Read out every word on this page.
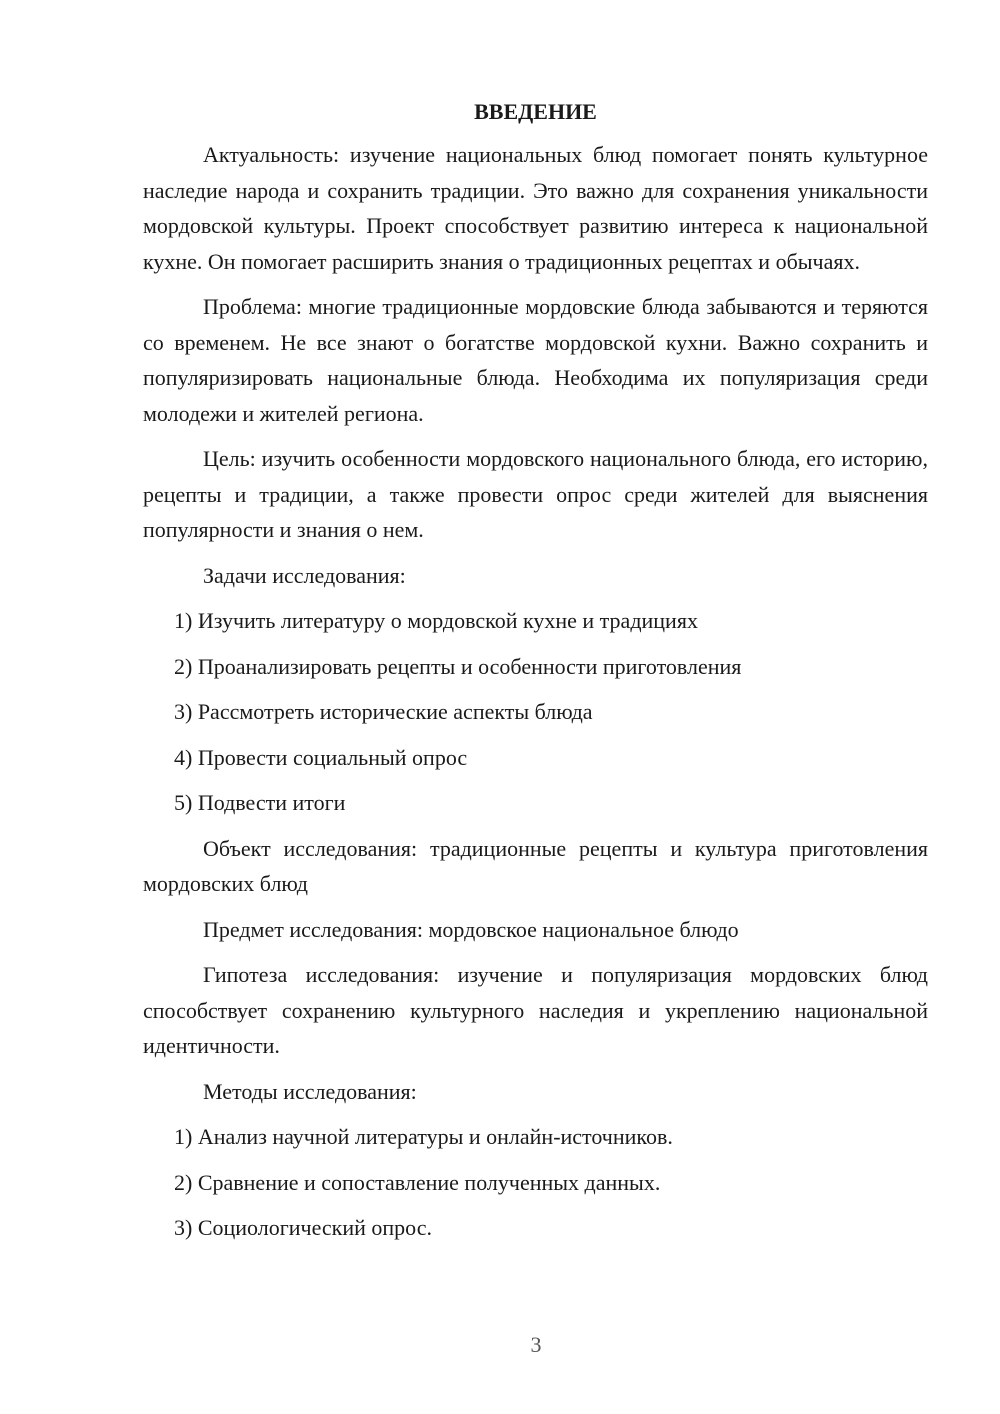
ВВЕДЕНИЕ

Актуальность: изучение национальных блюд помогает понять культурное наследие народа и сохранить традиции. Это важно для сохранения уникальности мордовской культуры. Проект способствует развитию интереса к национальной кухне. Он помогает расширить знания о традиционных рецептах и обычаях.

Проблема: многие традиционные мордовские блюда забываются и теряются со временем. Не все знают о богатстве мордовской кухни. Важно сохранить и популяризировать национальные блюда. Необходима их популяризация среди молодежи и жителей региона.

Цель: изучить особенности мордовского национального блюда, его историю, рецепты и традиции, а также провести опрос среди жителей для выяснения популярности и знания о нем.

Задачи исследования:
1) Изучить литературу о мордовской кухне и традициях
2) Проанализировать рецепты и особенности приготовления
3) Рассмотреть исторические аспекты блюда
4) Провести социальный опрос
5) Подвести итоги

Объект исследования: традиционные рецепты и культура приготовления мордовских блюд

Предмет исследования: мордовское национальное блюдо

Гипотеза исследования: изучение и популяризация мордовских блюд способствует сохранению культурного наследия и укреплению национальной идентичности.

Методы исследования:
1) Анализ научной литературы и онлайн-источников.
2) Сравнение и сопоставление полученных данных.
3) Социологический опрос.
3
